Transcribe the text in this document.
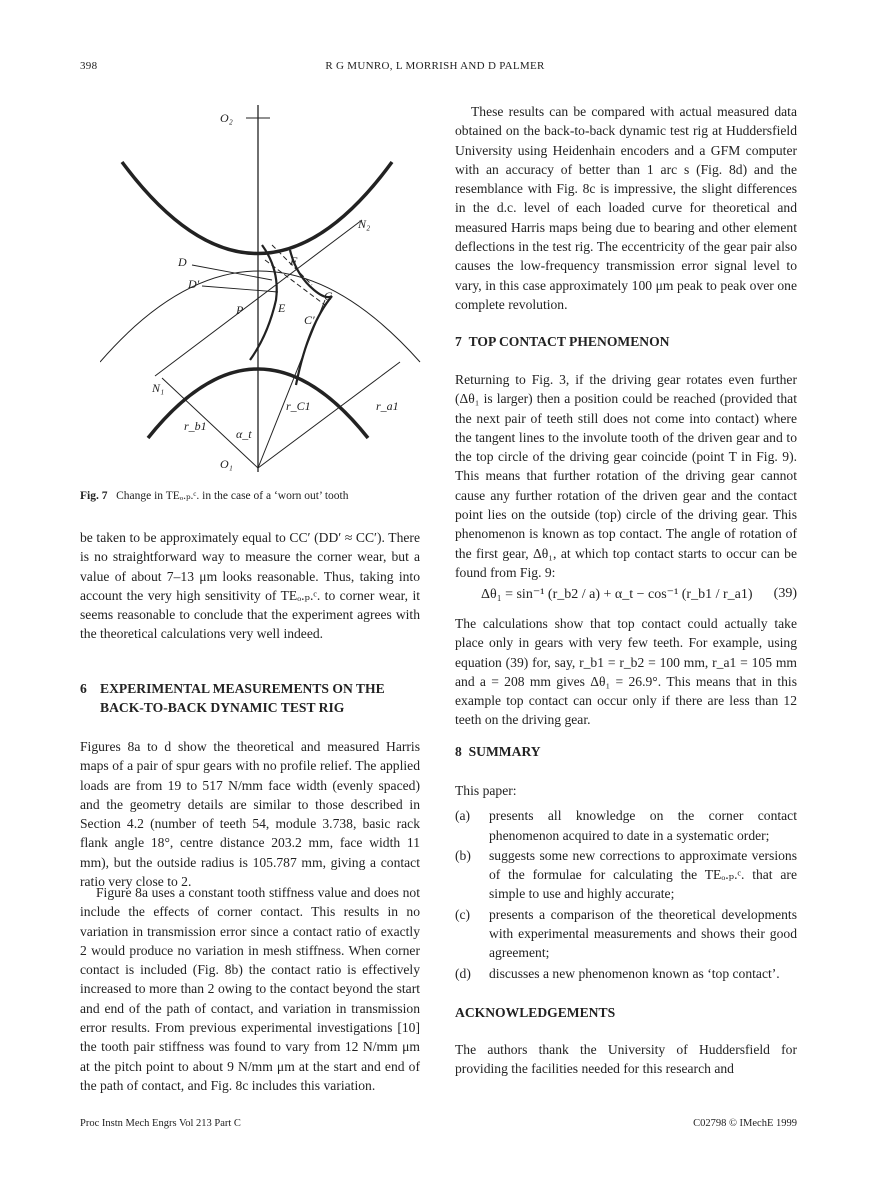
398	R G MUNRO, L MORRISH AND D PALMER
O₂
N₂
D
D′
F
C
P	E
C′
N₁
r_C1	r_a1
r_b1
α_t
O₁
Fig. 7 Change in TEₒ.ₚ.ᶜ. in the case of a ‘worn out’ tooth

be taken to be approximately equal to CC′ (DD′ ≈ CC′). There is no straightforward way to measure the corner wear, but a value of about 7–13 μm looks reasonable. Thus, taking into account the very high sensitivity of TEₒ.ₚ.ᶜ. to corner wear, it seems reasonable to conclude that the experiment agrees with the theoretical calculations very well indeed.

6 EXPERIMENTAL MEASUREMENTS ON THE BACK-TO-BACK DYNAMIC TEST RIG

Figures 8a to d show the theoretical and measured Harris maps of a pair of spur gears with no profile relief. The applied loads are from 19 to 517 N/mm face width (evenly spaced) and the geometry details are similar to those described in Section 4.2 (number of teeth 54, module 3.738, basic rack flank angle 18°, centre distance 203.2 mm, face width 11 mm), but the outside radius is 105.787 mm, giving a contact ratio very close to 2.

Figure 8a uses a constant tooth stiffness value and does not include the effects of corner contact. This results in no variation in transmission error since a contact ratio of exactly 2 would produce no variation in mesh stiffness. When corner contact is included (Fig. 8b) the contact ratio is effectively increased to more than 2 owing to the contact beyond the start and end of the path of contact, and variation in transmission error results. From previous experimental investigations [10] the tooth pair stiffness was found to vary from 12 N/mm μm at the pitch point to about 9 N/mm μm at the start and end of the path of contact, and Fig. 8c includes this variation.

These results can be compared with actual measured data obtained on the back-to-back dynamic test rig at Huddersfield University using Heidenhain encoders and a GFM computer with an accuracy of better than 1 arc s (Fig. 8d) and the resemblance with Fig. 8c is impressive, the slight differences in the d.c. level of each loaded curve for theoretical and measured Harris maps being due to bearing and other element deflections in the test rig. The eccentricity of the gear pair also causes the low-frequency transmission error signal level to vary, in this case approximately 100 μm peak to peak over one complete revolution.

7 TOP CONTACT PHENOMENON

Returning to Fig. 3, if the driving gear rotates even further (Δθ₁ is larger) then a position could be reached (provided that the next pair of teeth still does not come into contact) where the tangent lines to the involute tooth of the driven gear and to the top circle of the driving gear coincide (point T in Fig. 9). This means that further rotation of the driving gear cannot cause any further rotation of the driven gear and the contact point lies on the outside (top) circle of the driving gear. This phenomenon is known as top contact. The angle of rotation of the first gear, Δθ₁, at which top contact starts to occur can be found from Fig. 9:

Δθ₁ = sin⁻¹ (r_b2 / a) + α_t − cos⁻¹ (r_b1 / r_a1) (39)

The calculations show that top contact could actually take place only in gears with very few teeth. For example, using equation (39) for, say, r_b1 = r_b2 = 100 mm, r_a1 = 105 mm and a = 208 mm gives Δθ₁ = 26.9°. This means that in this example top contact can occur only if there are less than 12 teeth on the driving gear.

8 SUMMARY

This paper:

(a) presents all knowledge on the corner contact phenomenon acquired to date in a systematic order;
(b) suggests some new corrections to approximate versions of the formulae for calculating the TEₒ.ₚ.ᶜ. that are simple to use and highly accurate;
(c) presents a comparison of the theoretical developments with experimental measurements and shows their good agreement;
(d) discusses a new phenomenon known as ‘top contact’.
ACKNOWLEDGEMENTS

The authors thank the University of Huddersfield for providing the facilities needed for this research and

Proc Instn Mech Engrs Vol 213 Part C	C02798 © IMechE 1999
